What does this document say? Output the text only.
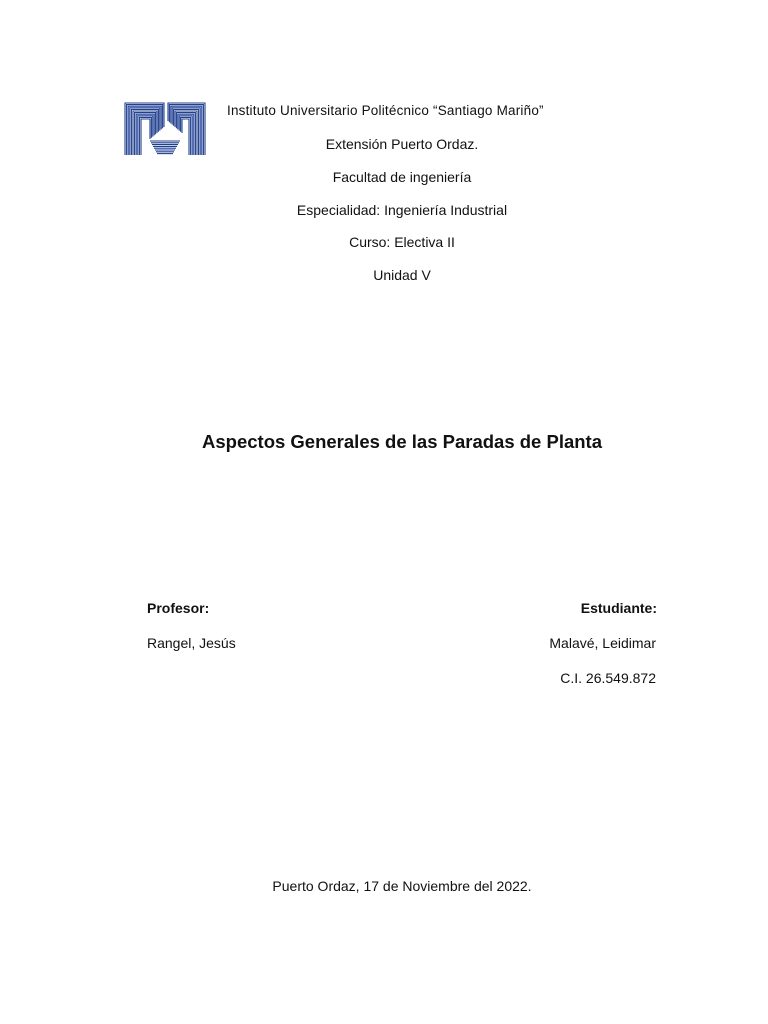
Instituto Universitario Politécnico “Santiago Mariño”
Extensión Puerto Ordaz.
Facultad de ingeniería
Especialidad: Ingeniería Industrial
Curso: Electiva II
Unidad V
Aspectos Generales de las Paradas de Planta
Profesor:
Rangel, Jesús
Estudiante:
Malavé, Leidimar
C.I. 26.549.872
Puerto Ordaz, 17 de Noviembre del 2022.
